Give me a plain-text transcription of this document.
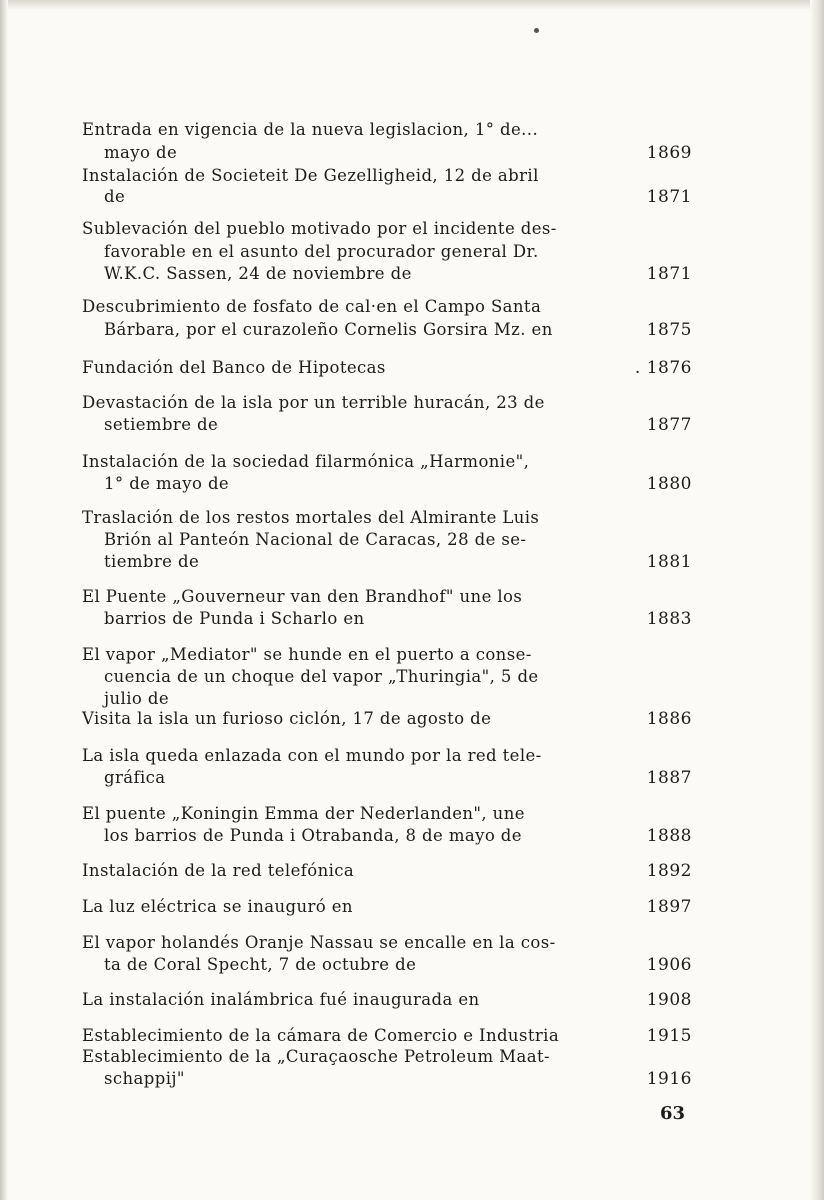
Entrada en vigencia de la nueva legislacion, 1° de...
mayo de	1869
Instalación de Societeit De Gezelligheid, 12 de abril
de	1871
Sublevación del pueblo motivado por el incidente des-
favorable en el asunto del procurador general Dr.
W.K.C. Sassen, 24 de noviembre de	1871
Descubrimiento de fosfato de cal·en el Campo Santa
Bárbara, por el curazoleño Cornelis Gorsira Mz. en	1875
Fundación del Banco de Hipotecas	. 1876
Devastación de la isla por un terrible huracán, 23 de
setiembre de	1877
Instalación de la sociedad filarmónica „Harmonie",
1° de mayo de	1880
Traslación de los restos mortales del Almirante Luis
Brión al Panteón Nacional de Caracas, 28 de se-
tiembre de	1881
El Puente „Gouverneur van den Brandhof" une los
barrios de Punda i Scharlo en	1883
El vapor „Mediator" se hunde en el puerto a conse-
cuencia de un choque del vapor „Thuringia", 5 de
julio de
Visita la isla un furioso ciclón, 17 de agosto de	1886
La isla queda enlazada con el mundo por la red tele-
gráfica	1887
El puente „Koningin Emma der Nederlanden", une
los barrios de Punda i Otrabanda, 8 de mayo de	1888
Instalación de la red telefónica	1892
La luz eléctrica se inauguró en	1897
El vapor holandés Oranje Nassau se encalle en la cos-
ta de Coral Specht, 7 de octubre de	1906
La instalación inalámbrica fué inaugurada en	1908
Establecimiento de la cámara de Comercio e Industria	1915
Establecimiento de la „Curaçaosche Petroleum Maat-
schappij"	1916
63
